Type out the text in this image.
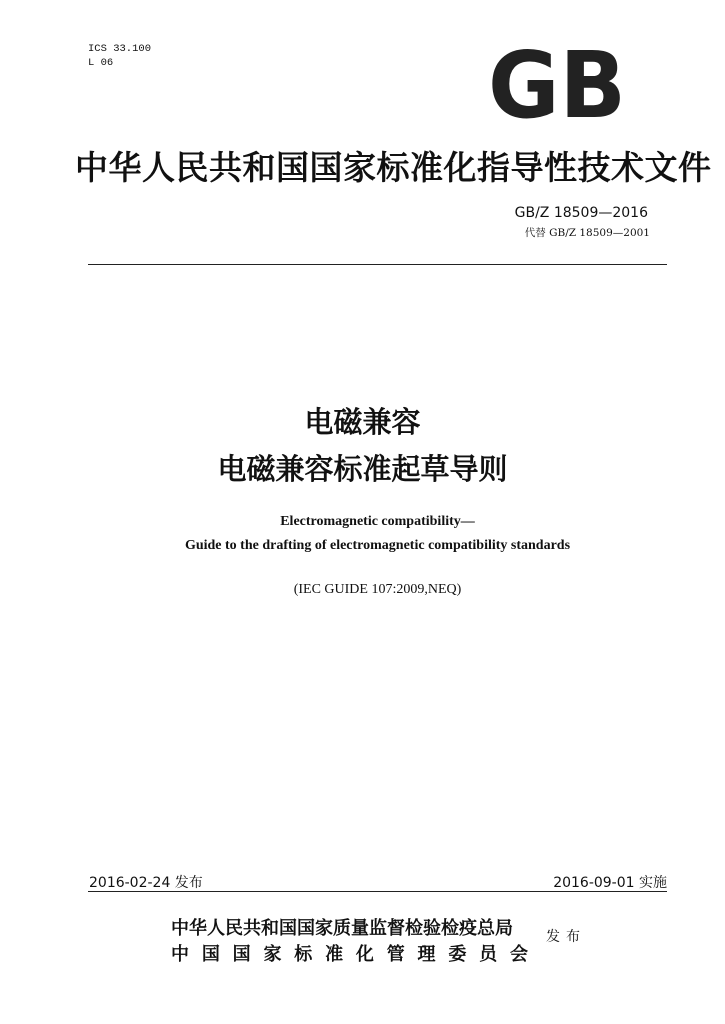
ICS 33.100
L 06	GB
中华人民共和国国家标准化指导性技术文件
GB/Z 18509—2016
代替 GB/Z 18509—2001
电磁兼容
电磁兼容标准起草导则
Electromagnetic compatibility—
Guide to the drafting of electromagnetic compatibility standards
(IEC GUIDE 107:2009,NEQ)
2016-02-24 发布	2016-09-01 实施
中华人民共和国国家质量监督检验检疫总局
中 国 国 家 标 准 化 管 理 委 员 会
发布
